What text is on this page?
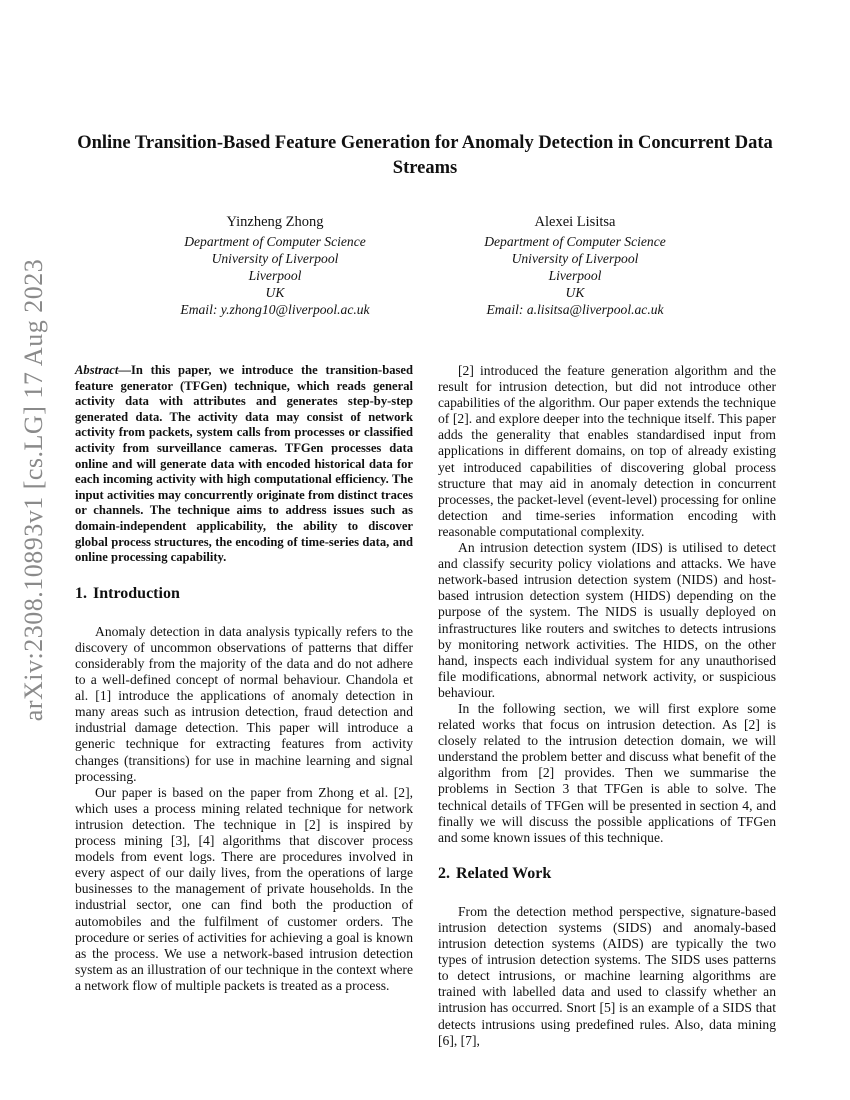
arXiv:2308.10893v1 [cs.LG] 17 Aug 2023
Online Transition-Based Feature Generation for Anomaly Detection in Concurrent Data Streams
Yinzheng Zhong
Department of Computer Science
University of Liverpool
Liverpool
UK
Email: y.zhong10@liverpool.ac.uk
Alexei Lisitsa
Department of Computer Science
University of Liverpool
Liverpool
UK
Email: a.lisitsa@liverpool.ac.uk

Abstract—In this paper, we introduce the transition-based feature generator (TFGen) technique, which reads general activity data with attributes and generates step-by-step generated data. The activity data may consist of network activity from packets, system calls from processes or classified activity from surveillance cameras. TFGen processes data online and will generate data with encoded historical data for each incoming activity with high computational efficiency. The input activities may concurrently originate from distinct traces or channels. The technique aims to address issues such as domain-independent applicability, the ability to discover global process structures, the encoding of time-series data, and online processing capability.

1. Introduction

Anomaly detection in data analysis typically refers to the discovery of uncommon observations of patterns that differ considerably from the majority of the data and do not adhere to a well-defined concept of normal behaviour. Chandola et al. [1] introduce the applications of anomaly detection in many areas such as intrusion detection, fraud detection and industrial damage detection. This paper will introduce a generic technique for extracting features from activity changes (transitions) for use in machine learning and signal processing.

Our paper is based on the paper from Zhong et al. [2], which uses a process mining related technique for network intrusion detection. The technique in [2] is inspired by process mining [3], [4] algorithms that discover process models from event logs. There are procedures involved in every aspect of our daily lives, from the operations of large businesses to the management of private households. In the industrial sector, one can find both the production of automobiles and the fulfilment of customer orders. The procedure or series of activities for achieving a goal is known as the process. We use a network-based intrusion detection system as an illustration of our technique in the context where a network flow of multiple packets is treated as a process.

[2] introduced the feature generation algorithm and the result for intrusion detection, but did not introduce other capabilities of the algorithm. Our paper extends the technique of [2]. and explore deeper into the technique itself. This paper adds the generality that enables standardised input from applications in different domains, on top of already existing yet introduced capabilities of discovering global process structure that may aid in anomaly detection in concurrent processes, the packet-level (event-level) processing for online detection and time-series information encoding with reasonable computational complexity.

An intrusion detection system (IDS) is utilised to detect and classify security policy violations and attacks. We have network-based intrusion detection system (NIDS) and host-based intrusion detection system (HIDS) depending on the purpose of the system. The NIDS is usually deployed on infrastructures like routers and switches to detects intrusions by monitoring network activities. The HIDS, on the other hand, inspects each individual system for any unauthorised file modifications, abnormal network activity, or suspicious behaviour.

In the following section, we will first explore some related works that focus on intrusion detection. As [2] is closely related to the intrusion detection domain, we will understand the problem better and discuss what benefit of the algorithm from [2] provides. Then we summarise the problems in Section 3 that TFGen is able to solve. The technical details of TFGen will be presented in section 4, and finally we will discuss the possible applications of TFGen and some known issues of this technique.

2. Related Work

From the detection method perspective, signature-based intrusion detection systems (SIDS) and anomaly-based intrusion detection systems (AIDS) are typically the two types of intrusion detection systems. The SIDS uses patterns to detect intrusions, or machine learning algorithms are trained with labelled data and used to classify whether an intrusion has occurred. Snort [5] is an example of a SIDS that detects intrusions using predefined rules. Also, data mining [6], [7],
